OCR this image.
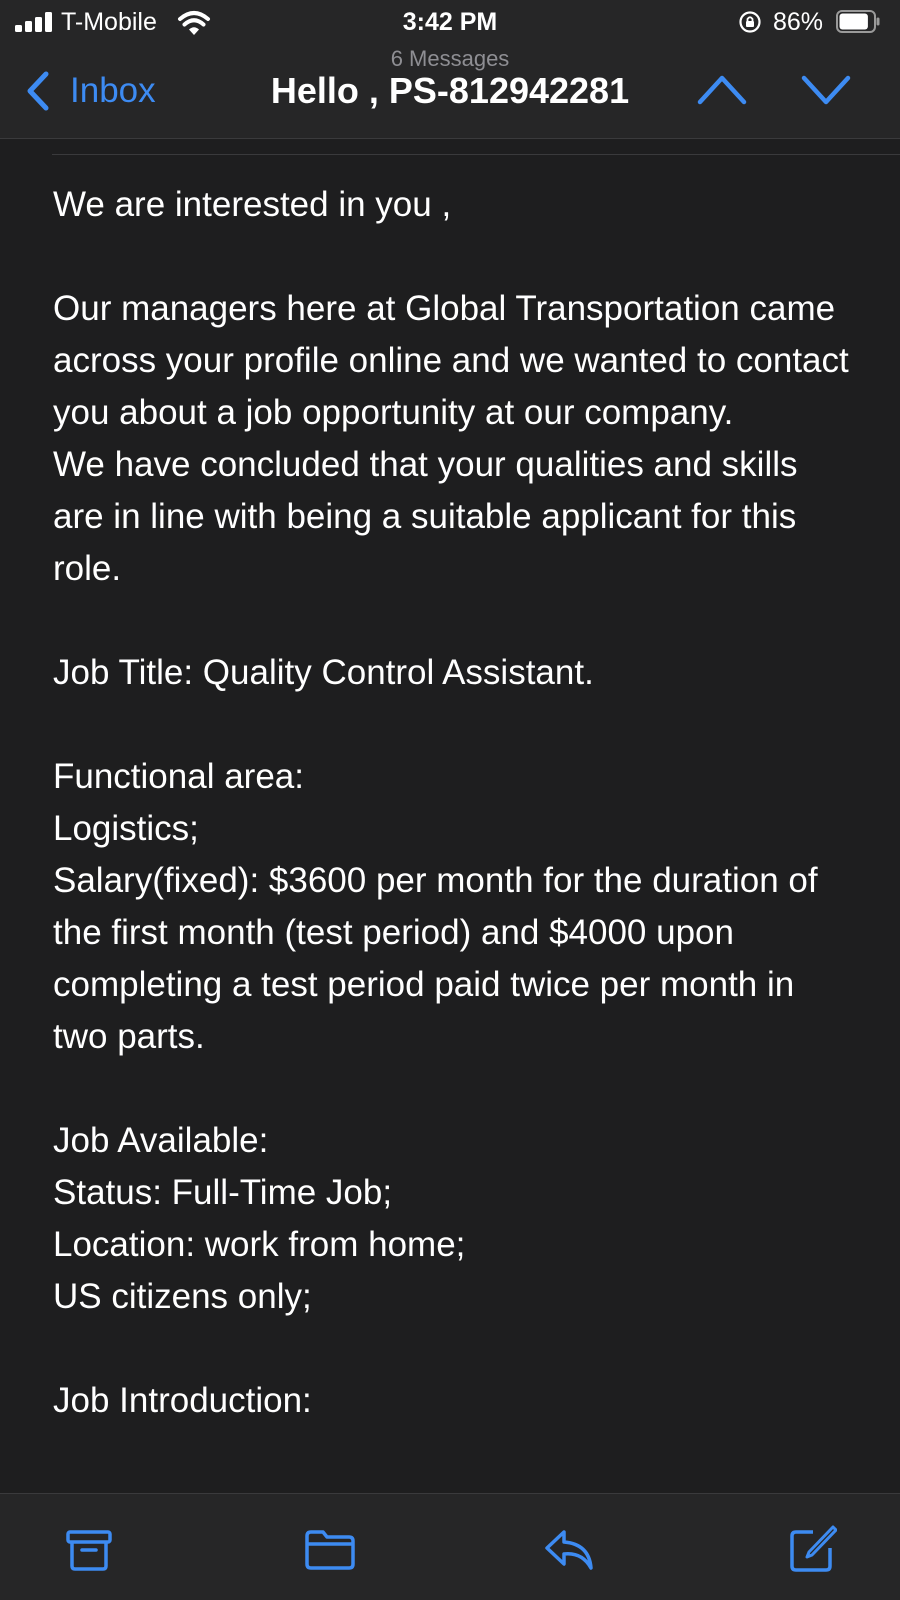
T-Mobile	3:42 PM	86%
6 Messages
Inbox	Hello , PS-812942281

We are interested in you ,

Our managers here at Global Transportation came across your profile online and we wanted to contact you about a job opportunity at our company.

We have concluded that your qualities and skills are in line with being a suitable applicant for this role.

Job Title: Quality Control Assistant.

Functional area:

Logistics;

Salary(fixed): $3600 per month for the duration of the first month (test period) and $4000 upon completing a test period paid twice per month in two parts.

Job Available:

Status: Full-Time Job;

Location: work from home;

US citizens only;

Job Introduction:
